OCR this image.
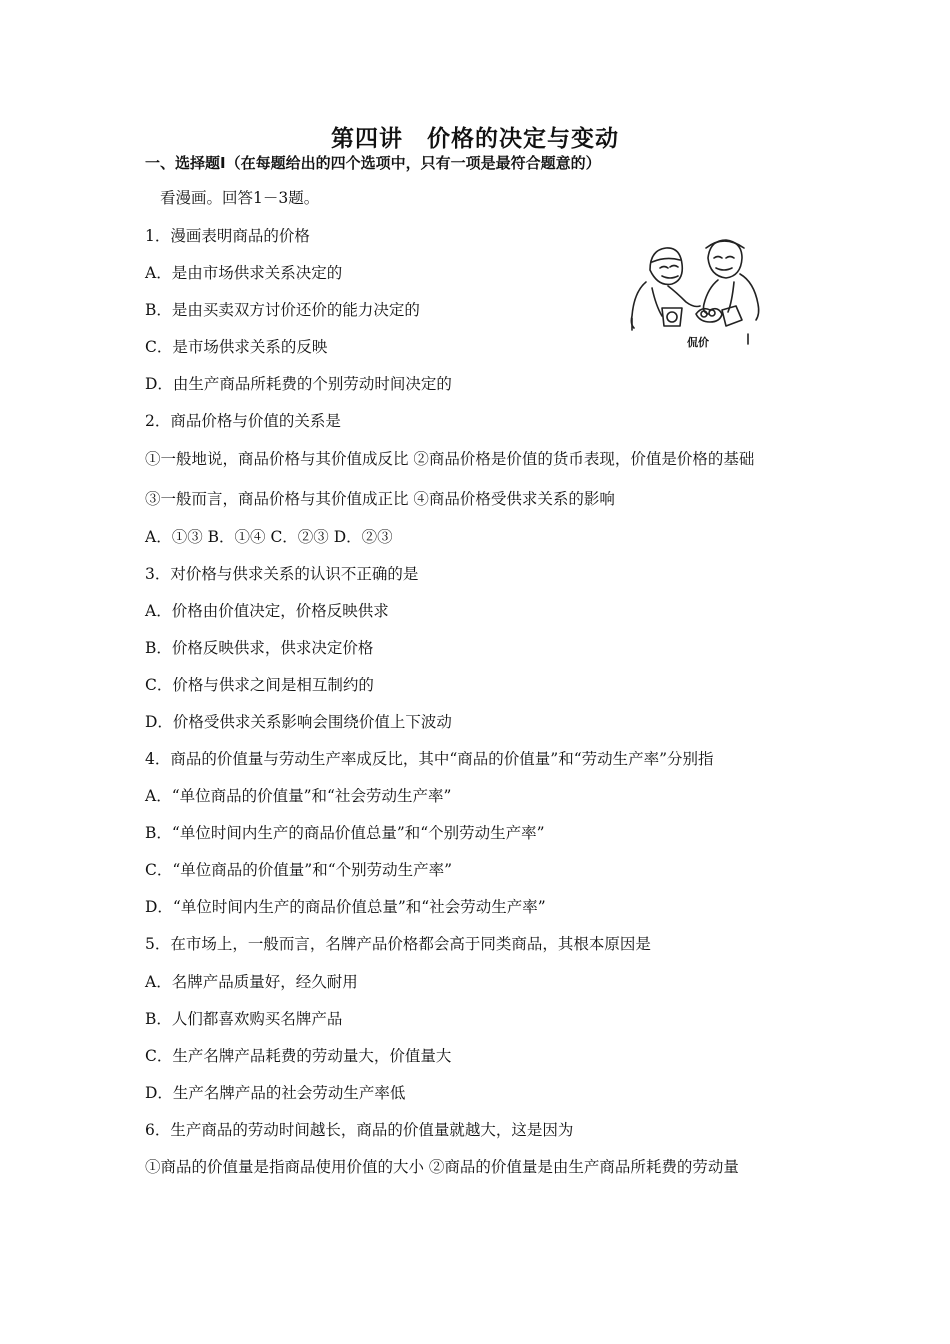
第四讲　价格的决定与变动
一、选择题Ⅰ（在每题给出的四个选项中，只有一项是最符合题意的）
看漫画。回答1－3题。
1．漫画表明商品的价格
A．是由市场供求关系决定的
B．是由买卖双方讨价还价的能力决定的
C．是市场供求关系的反映
D．由生产商品所耗费的个别劳动时间决定的
2．商品价格与价值的关系是
①一般地说，商品价格与其价值成反比 ②商品价格是价值的货币表现，价值是价格的基础
③一般而言，商品价格与其价值成正比 ④商品价格受供求关系的影响
A．①③ B．①④ C．②③ D．②③
3．对价格与供求关系的认识不正确的是
A．价格由价值决定，价格反映供求
B．价格反映供求，供求决定价格
C．价格与供求之间是相互制约的
D．价格受供求关系影响会围绕价值上下波动
4．商品的价值量与劳动生产率成反比，其中“商品的价值量”和“劳动生产率”分别指
A．“单位商品的价值量”和“社会劳动生产率”
B．“单位时间内生产的商品价值总量”和“个别劳动生产率”
C．“单位商品的价值量”和“个别劳动生产率”
D．“单位时间内生产的商品价值总量”和“社会劳动生产率”
5．在市场上，一般而言，名牌产品价格都会高于同类商品，其根本原因是
A．名牌产品质量好，经久耐用
B．人们都喜欢购买名牌产品
C．生产名牌产品耗费的劳动量大，价值量大
D．生产名牌产品的社会劳动生产率低
6．生产商品的劳动时间越长，商品的价值量就越大，这是因为
①商品的价值量是指商品使用价值的大小 ②商品的价值量是由生产商品所耗费的劳动量
侃价
